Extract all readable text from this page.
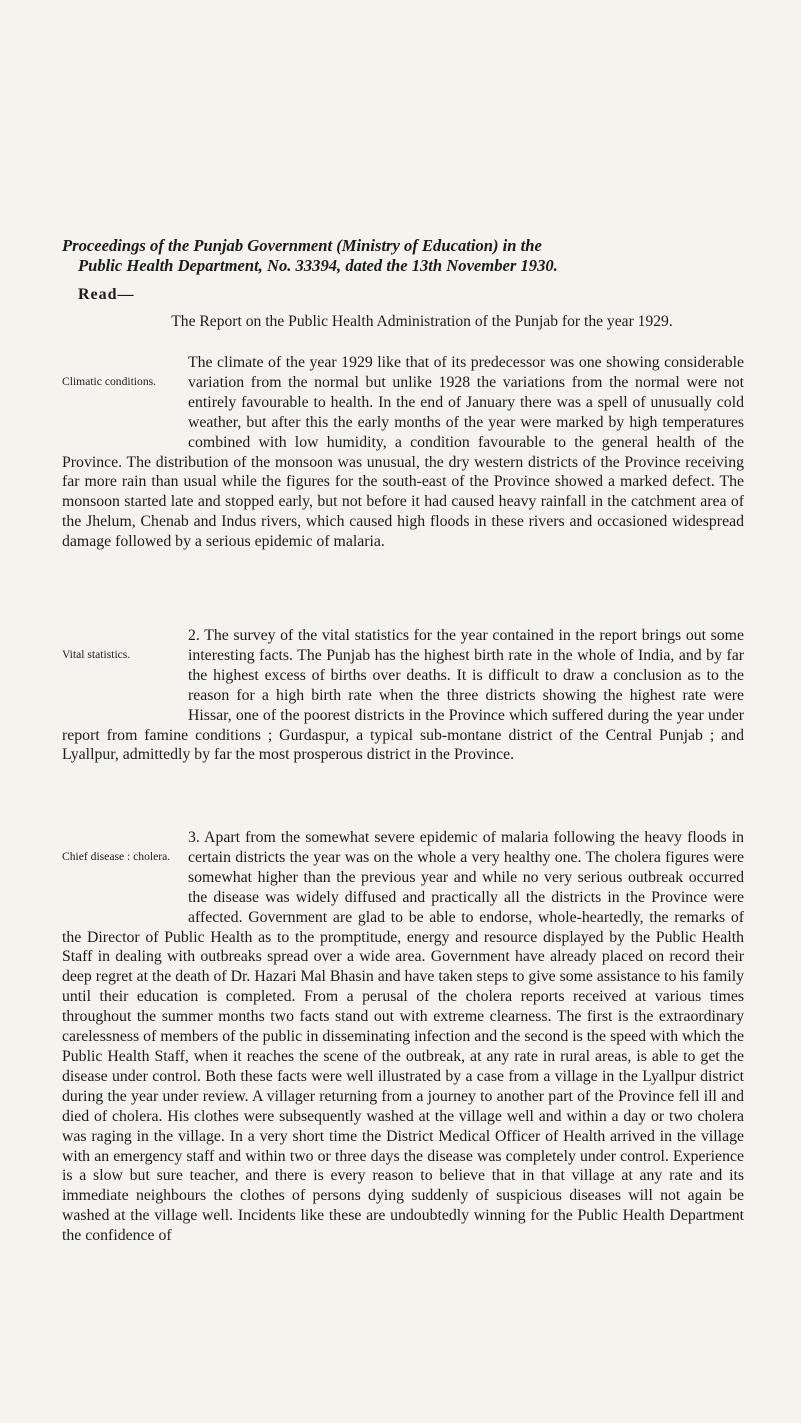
Proceedings of the Punjab Government (Ministry of Education) in the
Public Health Department, No. 33394, dated the 13th November 1930.
Read—
The Report on the Public Health Administration of the Punjab for the year 1929.
Climatic conditions.
The climate of the year 1929 like that of its predecessor was one showing considerable variation from the normal but unlike 1928 the variations from the normal were not entirely favourable to health. In the end of January there was a spell of unusually cold weather, but after this the early months of the year were marked by high temperatures combined with low humidity, a condition favourable to the general health of the Province. The distribution of the monsoon was unusual, the dry western districts of the Province receiving far more rain than usual while the figures for the south-east of the Province showed a marked defect. The monsoon started late and stopped early, but not before it had caused heavy rainfall in the catchment area of the Jhelum, Chenab and Indus rivers, which caused high floods in these rivers and occasioned widespread damage followed by a serious epidemic of malaria.
Vital statistics.
2. The survey of the vital statistics for the year contained in the report brings out some interesting facts. The Punjab has the highest birth rate in the whole of India, and by far the highest excess of births over deaths. It is difficult to draw a conclusion as to the reason for a high birth rate when the three districts showing the highest rate were Hissar, one of the poorest districts in the Province which suffered during the year under report from famine conditions ; Gurdaspur, a typical sub-montane district of the Central Punjab ; and Lyallpur, admittedly by far the most prosperous district in the Province.
Chief disease : cholera.
3. Apart from the somewhat severe epidemic of malaria following the heavy floods in certain districts the year was on the whole a very healthy one. The cholera figures were somewhat higher than the previous year and while no very serious outbreak occurred the disease was widely diffused and practically all the districts in the Province were affected. Government are glad to be able to endorse, whole-heartedly, the remarks of the Director of Public Health as to the promptitude, energy and resource displayed by the Public Health Staff in dealing with outbreaks spread over a wide area. Government have already placed on record their deep regret at the death of Dr. Hazari Mal Bhasin and have taken steps to give some assistance to his family until their education is completed. From a perusal of the cholera reports received at various times throughout the summer months two facts stand out with extreme clearness. The first is the extraordinary carelessness of members of the public in disseminating infection and the second is the speed with which the Public Health Staff, when it reaches the scene of the outbreak, at any rate in rural areas, is able to get the disease under control. Both these facts were well illustrated by a case from a village in the Lyallpur district during the year under review. A villager returning from a journey to another part of the Province fell ill and died of cholera. His clothes were subsequently washed at the village well and within a day or two cholera was raging in the village. In a very short time the District Medical Officer of Health arrived in the village with an emergency staff and within two or three days the disease was completely under control. Experience is a slow but sure teacher, and there is every reason to believe that in that village at any rate and its immediate neighbours the clothes of persons dying suddenly of suspicious diseases will not again be washed at the village well. Incidents like these are undoubtedly winning for the Public Health Department the confidence of
